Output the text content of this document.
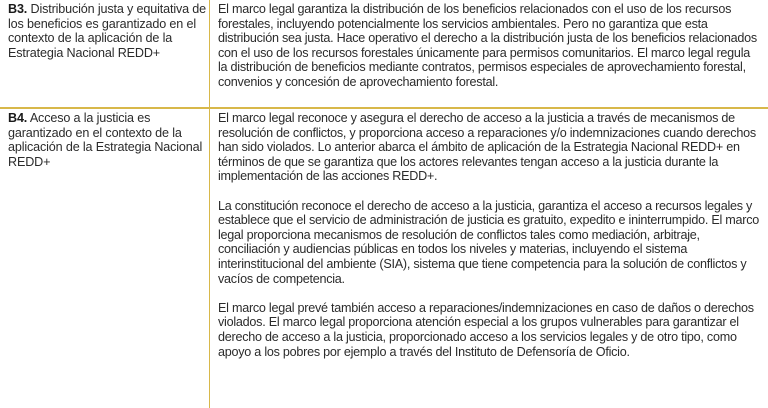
B3. Distribución justa y equitativa de los beneficios es garantizado en el contexto de la aplicación de la Estrategia Nacional REDD+

El marco legal garantiza la distribución de los beneficios relacionados con el uso de los recursos forestales, incluyendo potencialmente los servicios ambientales. Pero no garantiza que esta distribución sea justa. Hace operativo el derecho a la distribución justa de los beneficios relacionados con el uso de los recursos forestales únicamente para permisos comunitarios. El marco legal regula la distribución de beneficios mediante contratos, permisos especiales de aprovechamiento forestal, convenios y concesión de aprovechamiento forestal.

B4. Acceso a la justicia es garantizado en el contexto de la aplicación de la Estrategia Nacional REDD+

El marco legal reconoce y asegura el derecho de acceso a la justicia a través de mecanismos de resolución de conflictos, y proporciona acceso a reparaciones y/o indemnizaciones cuando derechos han sido violados. Lo anterior abarca el ámbito de aplicación de la Estrategia Nacional REDD+ en términos de que se garantiza que los actores relevantes tengan acceso a la justicia durante la implementación de las acciones REDD+.

La constitución reconoce el derecho de acceso a la justicia, garantiza el acceso a recursos legales y establece que el servicio de administración de justicia es gratuito, expedito e ininterrumpido. El marco legal proporciona mecanismos de resolución de conflictos tales como mediación, arbitraje, conciliación y audiencias públicas en todos los niveles y materias, incluyendo el sistema interinstitucional del ambiente (SIA), sistema que tiene competencia para la solución de conflictos y vacíos de competencia.

El marco legal prevé también acceso a reparaciones/indemnizaciones en caso de daños o derechos violados. El marco legal proporciona atención especial a los grupos vulnerables para garantizar el derecho de acceso a la justicia, proporcionado acceso a los servicios legales y de otro tipo, como apoyo a los pobres por ejemplo a través del Instituto de Defensoría de Oficio.
